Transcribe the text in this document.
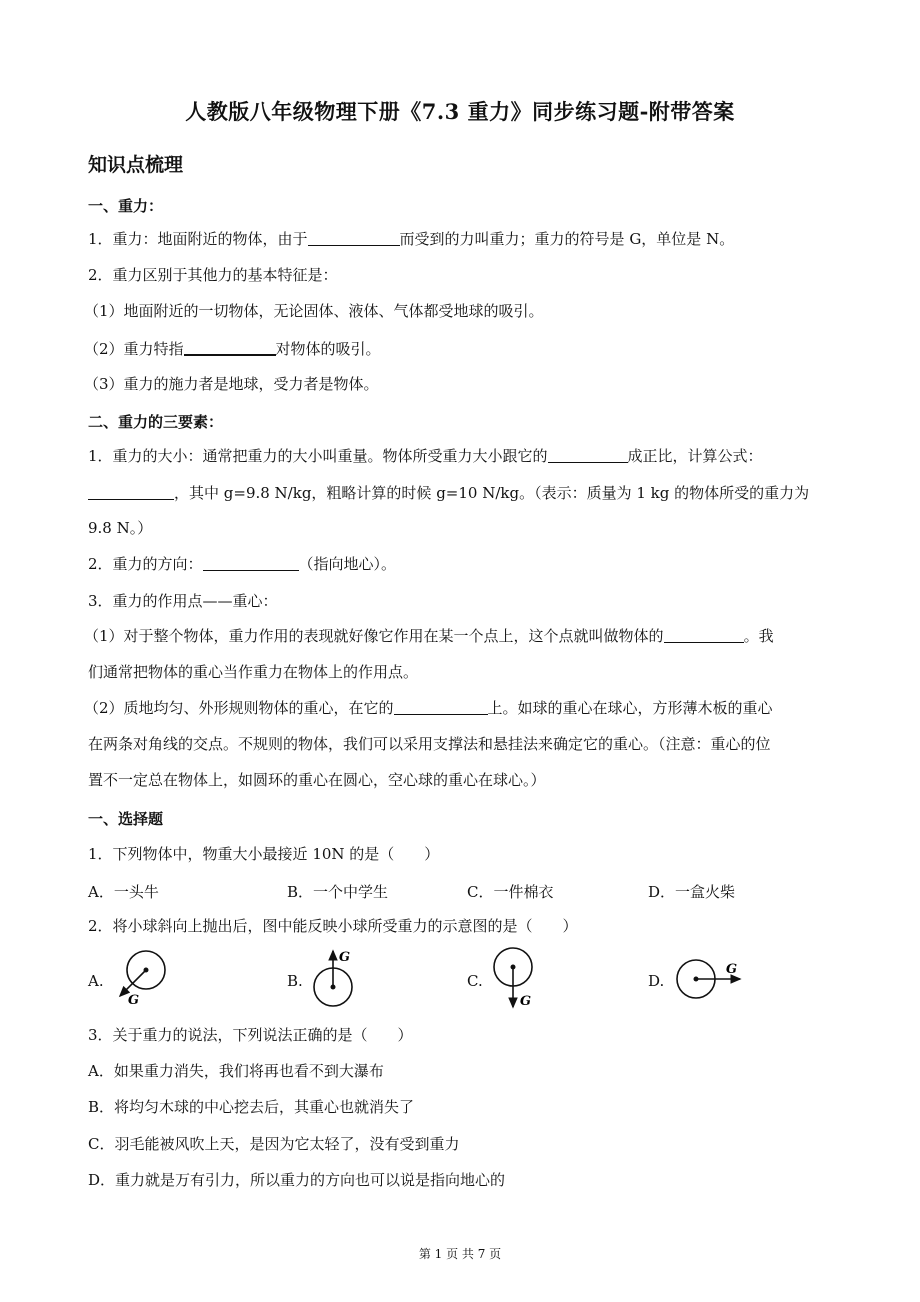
人教版八年级物理下册《7.3 重力》同步练习题-附带答案
知识点梳理
一、重力：
1．重力：地面附近的物体，由于	而受到的力叫重力；重力的符号是 G，单位是 N。
2．重力区别于其他力的基本特征是：
（1）地面附近的一切物体，无论固体、液体、气体都受地球的吸引。
（2）重力特指	对物体的吸引。
（3）重力的施力者是地球，受力者是物体。
二、重力的三要素：
1．重力的大小：通常把重力的大小叫重量。物体所受重力大小跟它的	成正比，计算公式：
，其中 g=9.8 N/kg，粗略计算的时候 g=10 N/kg。（表示：质量为 1 kg 的物体所受的重力为
9.8 N。）
2．重力的方向：	（指向地心）。
3．重力的作用点——重心：
（1）对于整个物体，重力作用的表现就好像它作用在某一个点上，这个点就叫做物体的	。我
们通常把物体的重心当作重力在物体上的作用点。
（2）质地均匀、外形规则物体的重心，在它的	上。如球的重心在球心，方形薄木板的重心
在两条对角线的交点。不规则的物体，我们可以采用支撑法和悬挂法来确定它的重心。（注意：重心的位
置不一定总在物体上，如圆环的重心在圆心，空心球的重心在球心。）
一、选择题
1．下列物体中，物重大小最接近 10N 的是（　　）
A．一头牛	B．一个中学生	C．一件棉衣	D．一盒火柴
2．将小球斜向上抛出后，图中能反映小球所受重力的示意图的是（　　）
A.
G
B.
G
C.
G
D.
G
3．关于重力的说法，下列说法正确的是（　　）
A．如果重力消失，我们将再也看不到大瀑布
B．将均匀木球的中心挖去后，其重心也就消失了
C．羽毛能被风吹上天，是因为它太轻了，没有受到重力
D．重力就是万有引力，所以重力的方向也可以说是指向地心的
第 1 页 共 7 页
